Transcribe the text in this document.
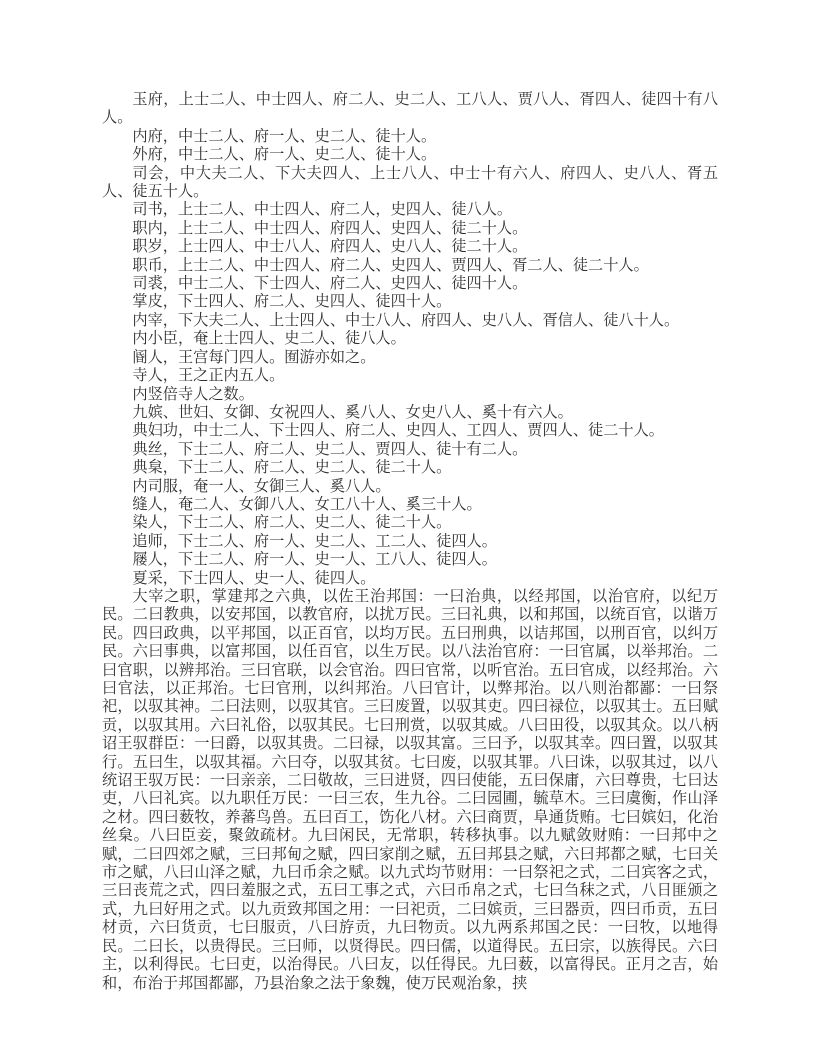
玉府，上士二人、中士四人、府二人、史二人、工八人、贾八人、胥四人、徒四十有八人。

内府，中士二人、府一人、史二人、徒十人。

外府，中士二人、府一人、史二人、徒十人。

司会，中大夫二人、下大夫四人、上士八人、中士十有六人、府四人、史八人、胥五人、徒五十人。

司书，上士二人、中士四人、府二人，史四人、徒八人。

职内，上士二人、中士四人、府四人、史四人、徒二十人。

职岁，上士四人、中士八人、府四人、史八人、徒二十人。

职币，上士二人、中士四人、府二人、史四人、贾四人、胥二人、徒二十人。

司裘，中士二人、下士四人、府二人、史四人、徒四十人。

掌皮，下士四人、府二人、史四人、徒四十人。

内宰，下大夫二人、上士四人、中士八人、府四人、史八人、胥信人、徒八十人。

内小臣，奄上士四人、史二人、徒八人。

阍人，王宫每门四人。囿游亦如之。

寺人，王之正内五人。

内竖倍寺人之数。

九嫔、世妇、女御、女祝四人、奚八人、女史八人、奚十有六人。

典妇功，中士二人、下士四人、府二人、史四人、工四人、贾四人、徒二十人。

典丝，下士二人、府二人、史二人、贾四人、徒十有二人。

典枲，下士二人、府二人、史二人、徒二十人。

内司服，奄一人、女御三人、奚八人。

缝人，奄二人、女御八人、女工八十人、奚三十人。

染人，下士二人、府二人、史二人、徒二十人。

追师，下士二人、府一人、史二人、工二人、徒四人。

屦人，下士二人、府一人、史一人、工八人、徒四人。

夏采，下士四人、史一人、徒四人。

大宰之职，掌建邦之六典，以佐王治邦国：一曰治典，以经邦国，以治官府，以纪万民。二曰教典，以安邦国，以教官府，以扰万民。三曰礼典，以和邦国，以统百官，以谐万民。四曰政典，以平邦国，以正百官，以均万民。五曰刑典，以诘邦国，以刑百官，以纠万民。六曰事典，以富邦国，以任百官，以生万民。以八法治官府：一曰官属，以举邦治。二曰官职，以辨邦治。三曰官联，以会官治。四曰官常，以听官治。五曰官成，以经邦治。六曰官法，以正邦治。七曰官刑，以纠邦治。八曰官计，以弊邦治。以八则治都鄙：一曰祭祀，以驭其神。二曰法则，以驭其官。三曰废置，以驭其吏。四曰禄位，以驭其士。五曰赋贡，以驭其用。六曰礼俗，以驭其民。七曰刑赏，以驭其威。八曰田役，以驭其众。以八柄诏王驭群臣：一曰爵，以驭其贵。二曰禄，以驭其富。三曰予，以驭其幸。四曰置，以驭其行。五曰生，以驭其福。六曰夺，以驭其贫。七曰废，以驭其罪。八曰诛，以驭其过，以八统诏王驭万民：一曰亲亲，二曰敬故，三曰进贤，四曰使能，五曰保庸，六曰尊贵，七曰达吏，八曰礼宾。以九职任万民：一曰三农，生九谷。二曰园圃，毓草木。三曰虞衡，作山泽之材。四曰薮牧，养蕃鸟兽。五曰百工，饬化八材。六曰商贾，阜通货贿。七曰嫔妇，化治丝枲。八曰臣妾，聚敛疏材。九曰闲民，无常职，转移执事。以九赋敛财贿：一曰邦中之赋，二曰四郊之赋，三曰邦甸之赋，四曰家削之赋，五曰邦县之赋，六曰邦都之赋，七曰关市之赋，八曰山泽之赋，九曰币余之赋。以九式均节财用：一曰祭祀之式，二曰宾客之式，三曰丧荒之式，四曰羞服之式，五曰工事之式，六曰币帛之式，七曰刍秣之式，八日匪颁之式，九曰好用之式。以九贡致邦国之用：一曰祀贡，二曰嫔贡，三曰器贡，四曰币贡，五曰材贡，六曰货贡，七曰服贡，八曰斿贡，九曰物贡。以九两系邦国之民：一曰牧，以地得民。二曰长，以贵得民。三曰师，以贤得民。四曰儒，以道得民。五曰宗，以族得民。六曰主，以利得民。七曰吏，以治得民。八曰友，以任得民。九曰薮，以富得民。正月之吉，始和，布治于邦国都鄙，乃县治象之法于象魏，使万民观治象，挟
